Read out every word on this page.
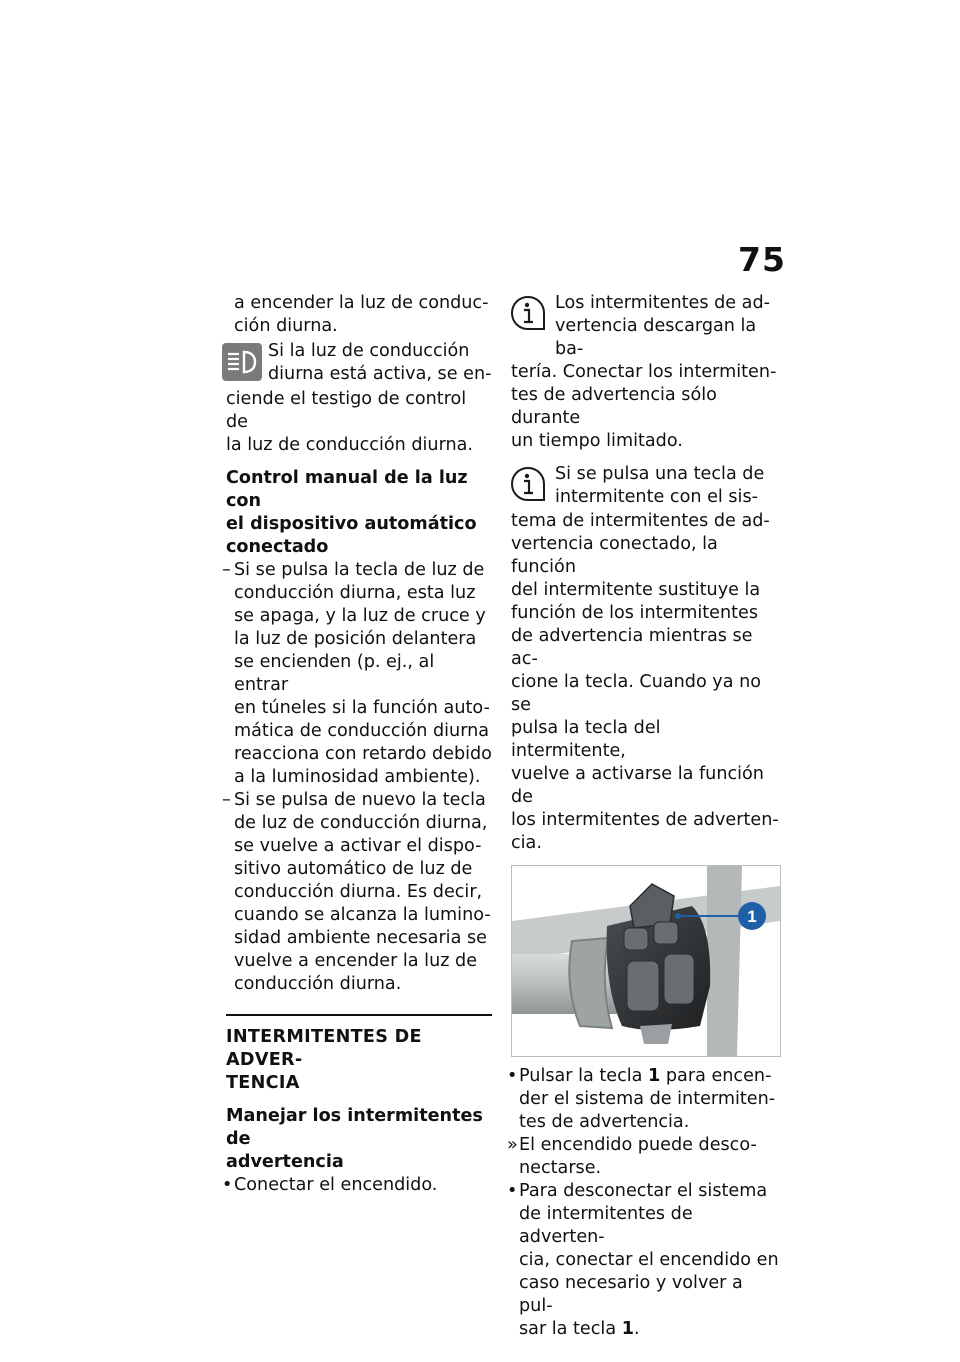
75
a encender la luz de conduc-
ción diurna.
Si la luz de conducción
diurna está activa, se en-
ciende el testigo de control de
la luz de conducción diurna.
Control manual de la luz con
el dispositivo automático
conectado
– Si se pulsa la tecla de luz de
conducción diurna, esta luz
se apaga, y la luz de cruce y
la luz de posición delantera
se encienden (p. ej., al entrar
en túneles si la función auto-
mática de conducción diurna
reacciona con retardo debido
a la luminosidad ambiente).
– Si se pulsa de nuevo la tecla
de luz de conducción diurna,
se vuelve a activar el dispo-
sitivo automático de luz de
conducción diurna. Es decir,
cuando se alcanza la lumino-
sidad ambiente necesaria se
vuelve a encender la luz de
conducción diurna.
INTERMITENTES DE ADVER-
TENCIA
Manejar los intermitentes de
advertencia
• Conectar el encendido.
Los intermitentes de ad-
vertencia descargan la ba-
tería. Conectar los intermiten-
tes de advertencia sólo durante
un tiempo limitado.
Si se pulsa una tecla de
intermitente con el sis-
tema de intermitentes de ad-
vertencia conectado, la función
del intermitente sustituye la
función de los intermitentes
de advertencia mientras se ac-
cione la tecla. Cuando ya no se
pulsa la tecla del intermitente,
vuelve a activarse la función de
los intermitentes de adverten-
cia.
1
• Pulsar la tecla 1 para encen-
der el sistema de intermiten-
tes de advertencia.
» El encendido puede desco-
nectarse.
• Para desconectar el sistema
de intermitentes de adverten-
cia, conectar el encendido en
caso necesario y volver a pul-
sar la tecla 1.
